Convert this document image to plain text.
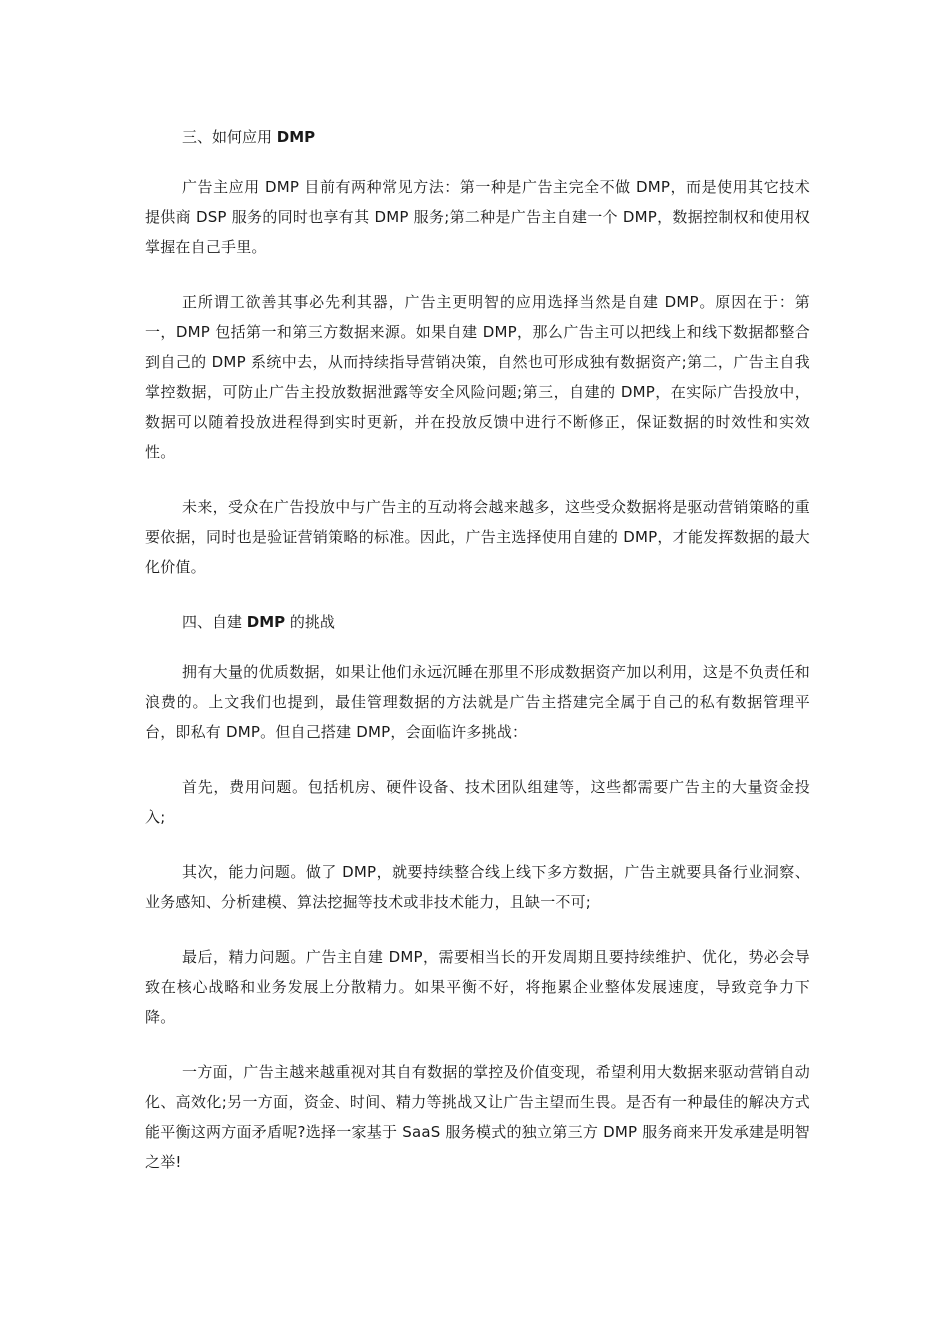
三、如何应用 DMP

广告主应用 DMP 目前有两种常见方法：第一种是广告主完全不做 DMP，而是使用其它技术提供商 DSP 服务的同时也享有其 DMP 服务;第二种是广告主自建一个 DMP，数据控制权和使用权掌握在自己手里。

正所谓工欲善其事必先利其器，广告主更明智的应用选择当然是自建 DMP。原因在于：第一，DMP 包括第一和第三方数据来源。如果自建 DMP，那么广告主可以把线上和线下数据都整合到自己的 DMP 系统中去，从而持续指导营销决策，自然也可形成独有数据资产;第二，广告主自我掌控数据，可防止广告主投放数据泄露等安全风险问题;第三，自建的 DMP，在实际广告投放中，数据可以随着投放进程得到实时更新，并在投放反馈中进行不断修正，保证数据的时效性和实效性。

未来，受众在广告投放中与广告主的互动将会越来越多，这些受众数据将是驱动营销策略的重要依据，同时也是验证营销策略的标准。因此，广告主选择使用自建的 DMP，才能发挥数据的最大化价值。

四、自建 DMP 的挑战

拥有大量的优质数据，如果让他们永远沉睡在那里不形成数据资产加以利用，这是不负责任和浪费的。上文我们也提到，最佳管理数据的方法就是广告主搭建完全属于自己的私有数据管理平台，即私有 DMP。但自己搭建 DMP，会面临许多挑战：

首先，费用问题。包括机房、硬件设备、技术团队组建等，这些都需要广告主的大量资金投入;

其次，能力问题。做了 DMP，就要持续整合线上线下多方数据，广告主就要具备行业洞察、业务感知、分析建模、算法挖掘等技术或非技术能力，且缺一不可;

最后，精力问题。广告主自建 DMP，需要相当长的开发周期且要持续维护、优化，势必会导致在核心战略和业务发展上分散精力。如果平衡不好，将拖累企业整体发展速度，导致竞争力下降。

一方面，广告主越来越重视对其自有数据的掌控及价值变现，希望利用大数据来驱动营销自动化、高效化;另一方面，资金、时间、精力等挑战又让广告主望而生畏。是否有一种最佳的解决方式能平衡这两方面矛盾呢?选择一家基于 SaaS 服务模式的独立第三方 DMP 服务商来开发承建是明智之举!
